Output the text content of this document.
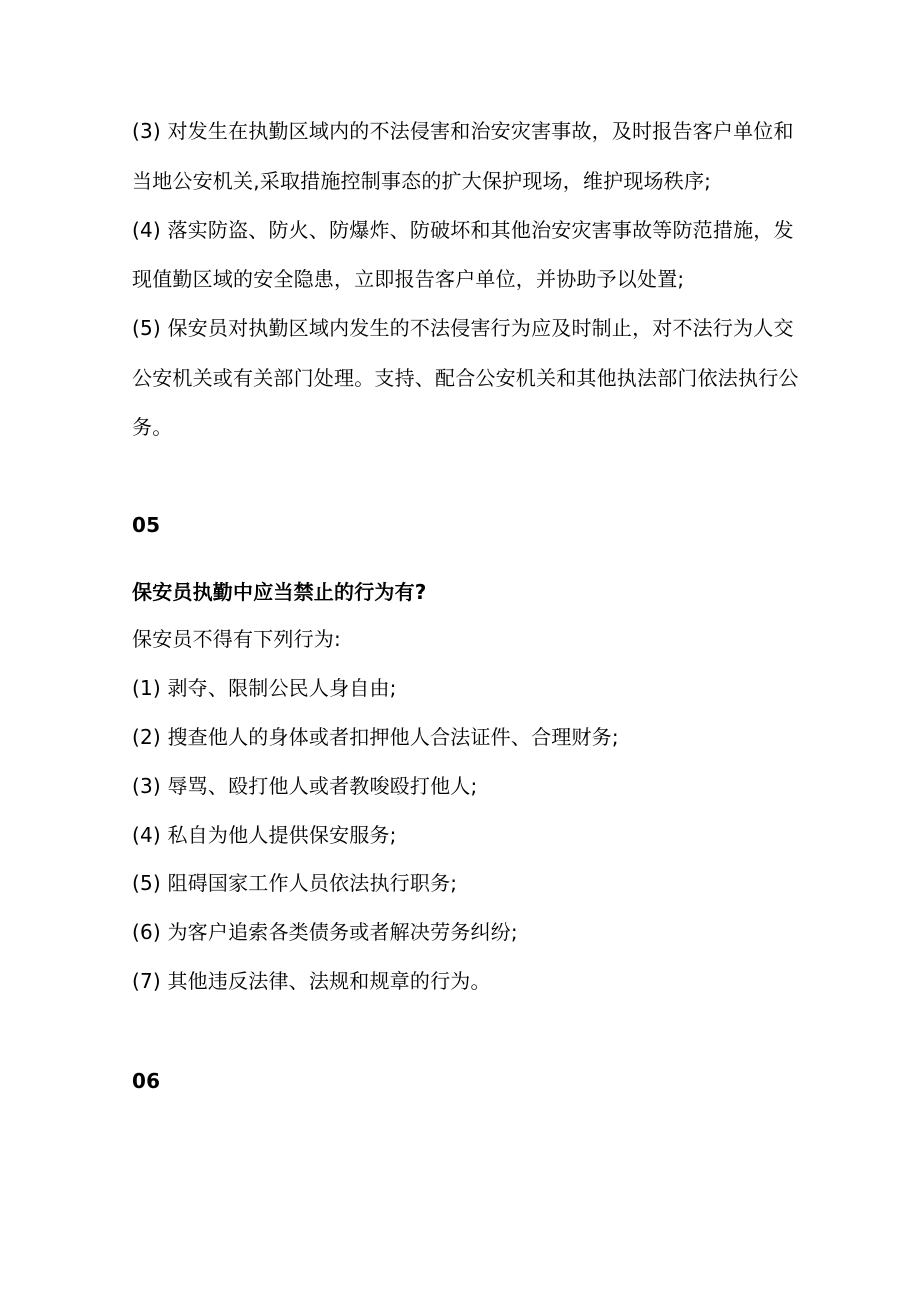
(3) 对发生在执勤区域内的不法侵害和治安灾害事故，及时报告客户单位和
当地公安机关,采取措施控制事态的扩大保护现场，维护现场秩序;
(4) 落实防盗、防火、防爆炸、防破坏和其他治安灾害事故等防范措施，发
现值勤区域的安全隐患，立即报告客户单位，并协助予以处置;
(5) 保安员对执勤区域内发生的不法侵害行为应及时制止，对不法行为人交
公安机关或有关部门处理。支持、配合公安机关和其他执法部门依法执行公
务。
05
保安员执勤中应当禁止的行为有?
保安员不得有下列行为:
(1) 剥夺、限制公民人身自由;
(2) 搜查他人的身体或者扣押他人合法证件、合理财务;
(3) 辱骂、殴打他人或者教唆殴打他人;
(4) 私自为他人提供保安服务;
(5) 阻碍国家工作人员依法执行职务;
(6) 为客户追索各类债务或者解决劳务纠纷;
(7) 其他违反法律、法规和规章的行为。
06
